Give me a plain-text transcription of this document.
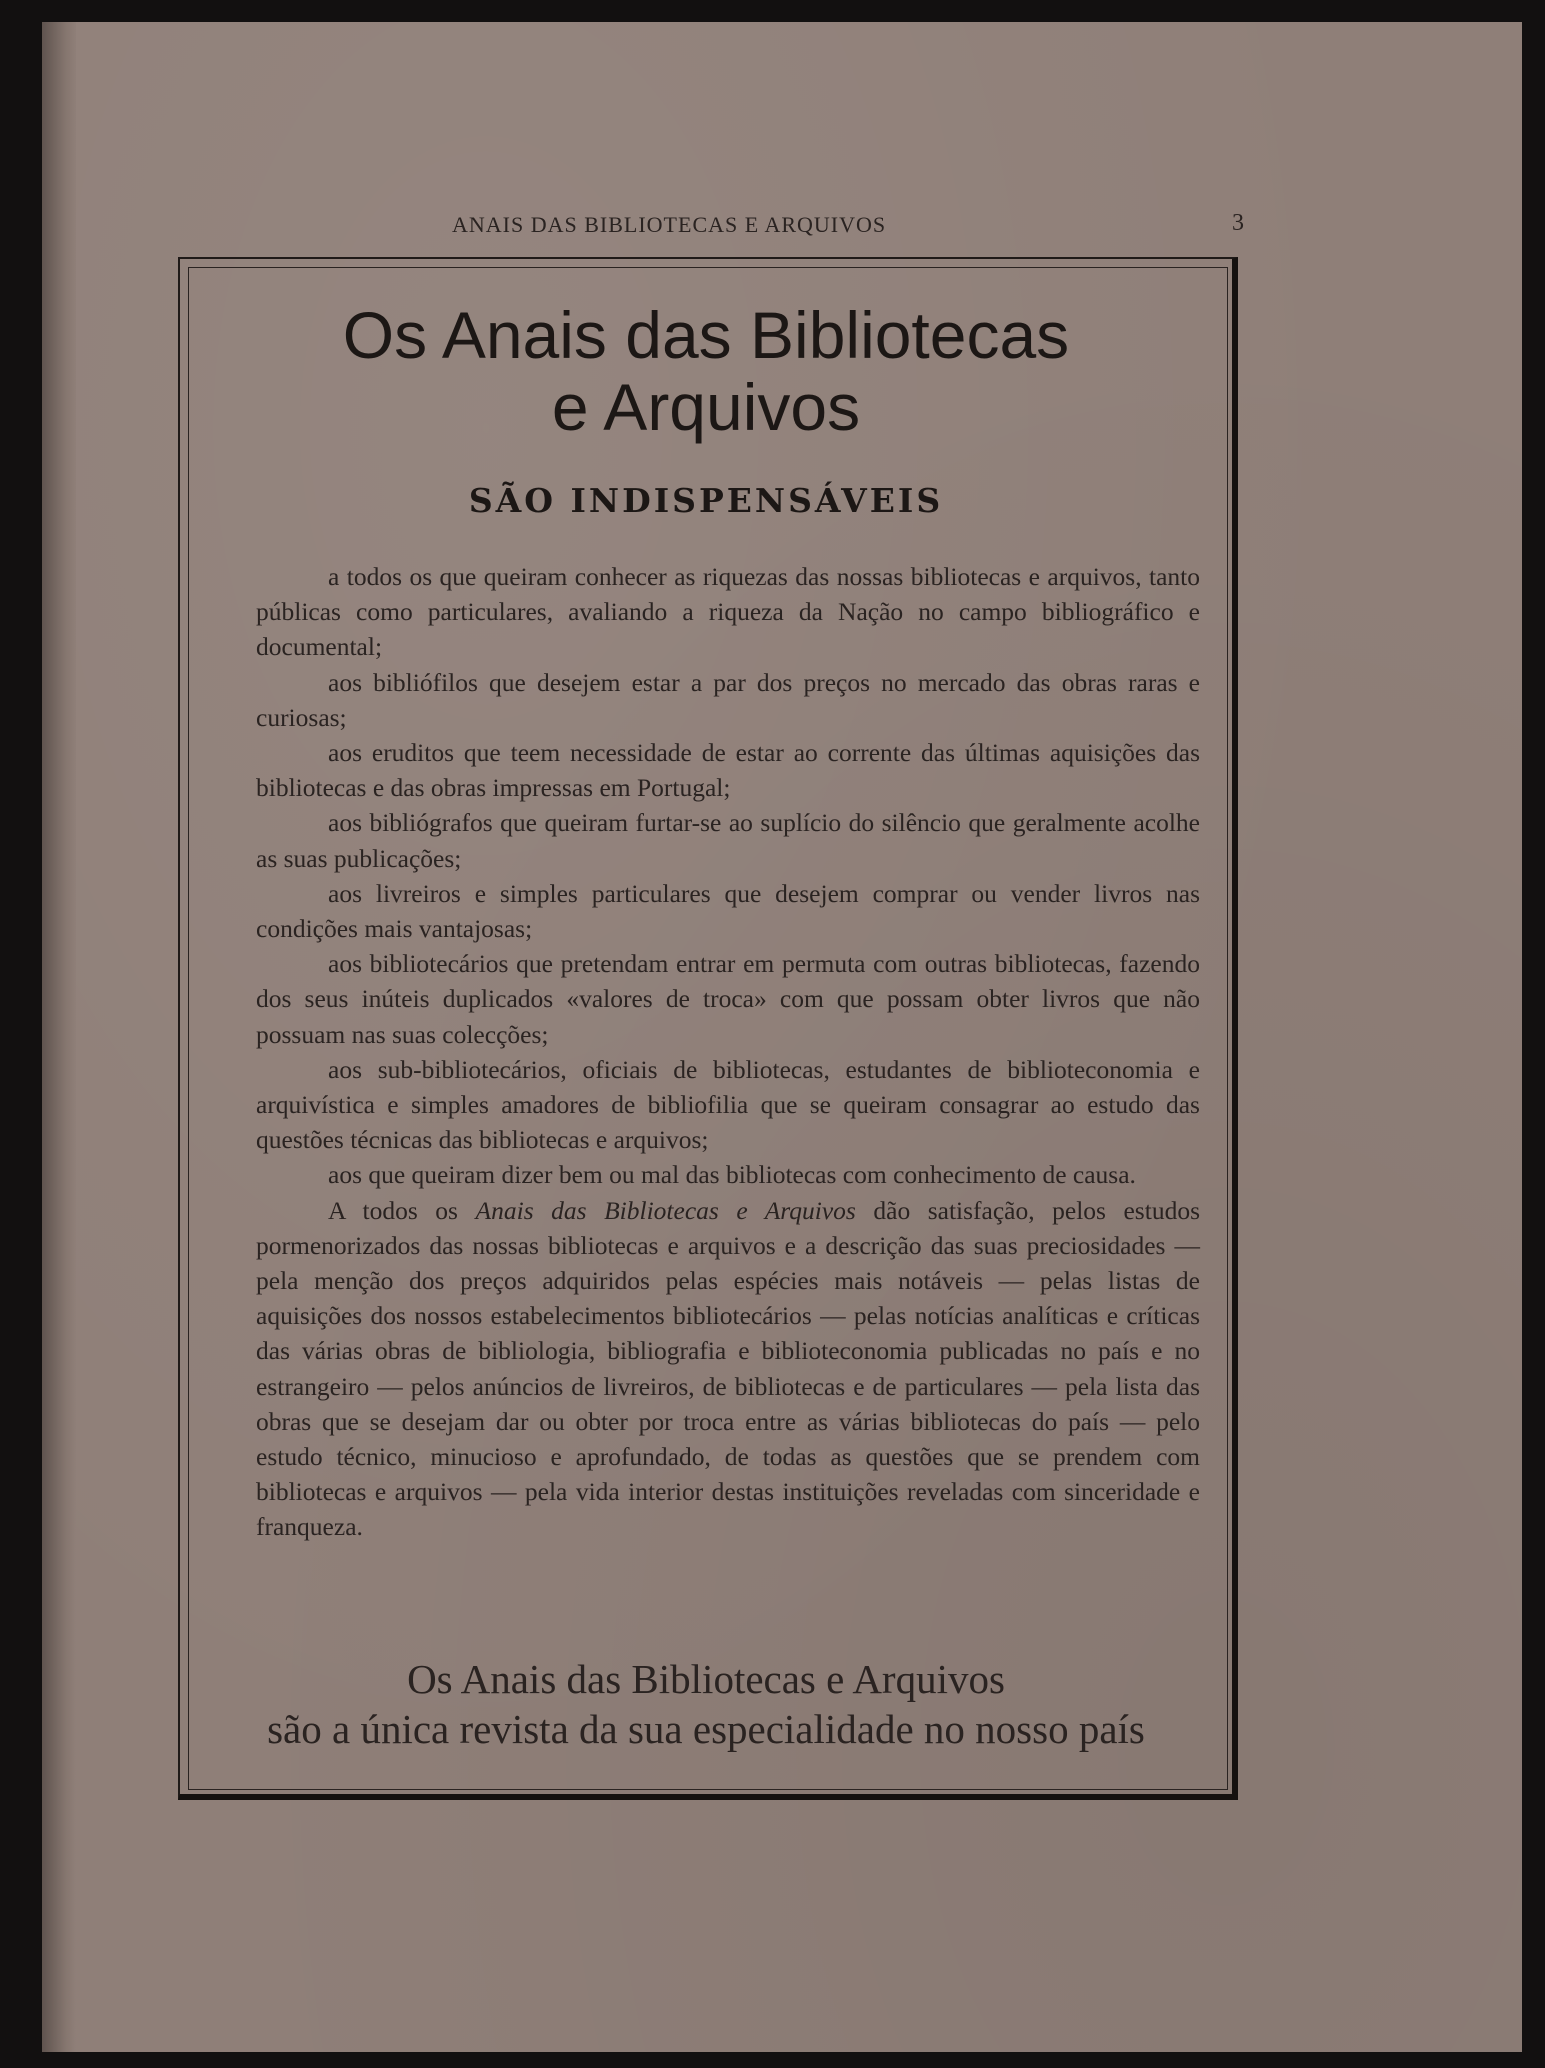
ANAIS DAS BIBLIOTECAS E ARQUIVOS	3
Os Anais das Bibliotecas
e Arquivos
SÃO INDISPENSÁVEIS

a todos os que queiram conhecer as riquezas das nossas bibliotecas e arquivos, tanto públicas como particulares, avaliando a riqueza da Nação no campo bibliográfico e documental;

aos bibliófilos que desejem estar a par dos preços no mercado das obras raras e curiosas;

aos eruditos que teem necessidade de estar ao corrente das últimas aquisições das bibliotecas e das obras impressas em Portugal;

aos bibliógrafos que queiram furtar-se ao suplício do silêncio que geralmente acolhe as suas publicações;

aos livreiros e simples particulares que desejem comprar ou vender livros nas condições mais vantajosas;

aos bibliotecários que pretendam entrar em permuta com outras bibliotecas, fazendo dos seus inúteis duplicados «valores de troca» com que possam obter livros que não possuam nas suas colecções;

aos sub-bibliotecários, oficiais de bibliotecas, estudantes de biblioteconomia e arquivística e simples amadores de bibliofilia que se queiram consagrar ao estudo das questões técnicas das bibliotecas e arquivos;

aos que queiram dizer bem ou mal das bibliotecas com conhecimento de causa.

A todos os Anais das Bibliotecas e Arquivos dão satisfação, pelos estudos pormenorizados das nossas bibliotecas e arquivos e a descrição das suas preciosidades — pela menção dos preços adquiridos pelas espécies mais notáveis — pelas listas de aquisições dos nossos estabelecimentos bibliotecários — pelas notícias analíticas e críticas das várias obras de bibliologia, bibliografia e biblioteconomia publicadas no país e no estrangeiro — pelos anúncios de livreiros, de bibliotecas e de particulares — pela lista das obras que se desejam dar ou obter por troca entre as várias bibliotecas do país — pelo estudo técnico, minucioso e aprofundado, de todas as questões que se prendem com bibliotecas e arquivos — pela vida interior destas instituições reveladas com sinceridade e franqueza.

Os Anais das Bibliotecas e Arquivos
são a única revista da sua especialidade no nosso país
